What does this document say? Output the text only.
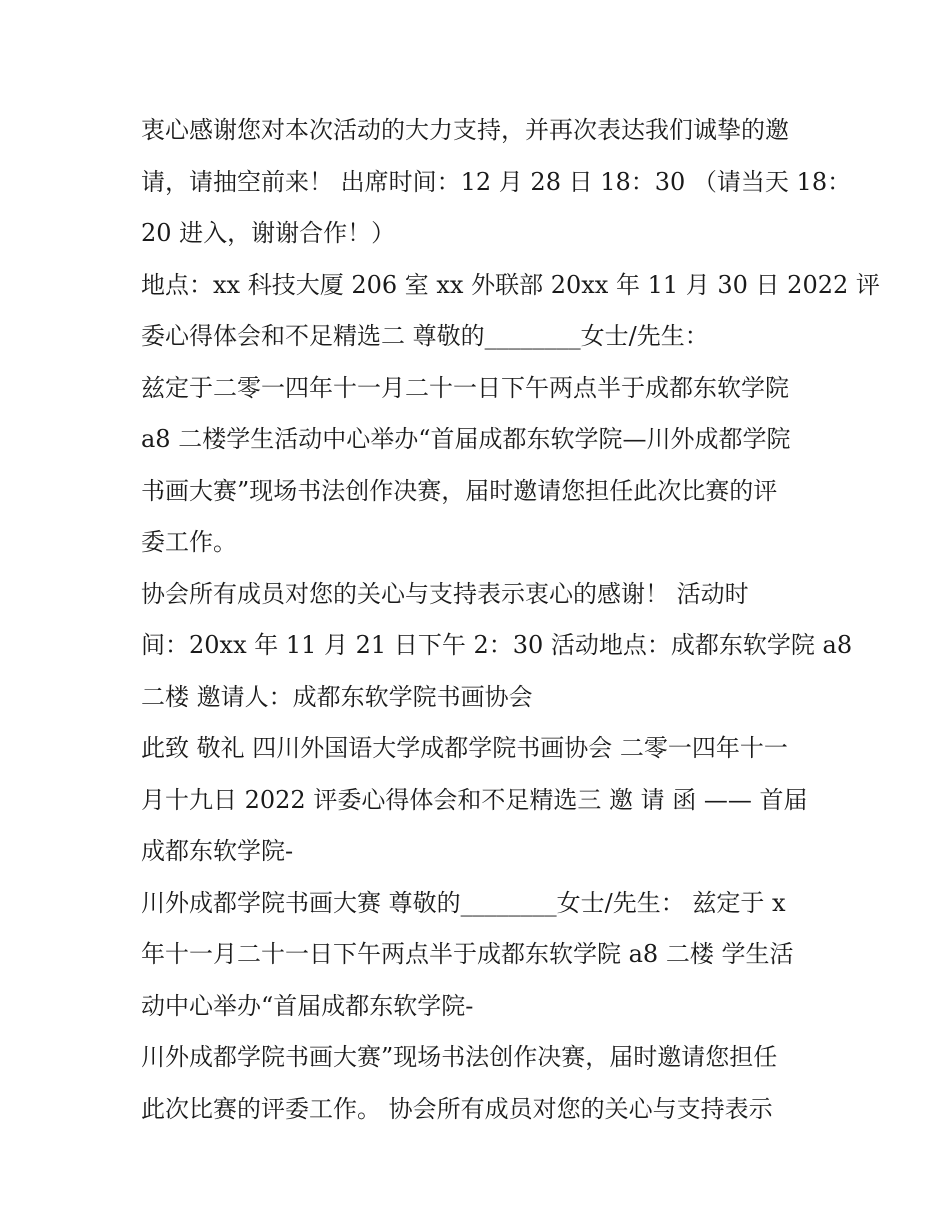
衷心感谢您对本次活动的大力支持，并再次表达我们诚挚的邀
请，请抽空前来！ 出席时间：12 月 28 日 18：30 （请当天 18：
20 进入，谢谢合作！）
地点：xx 科技大厦 206 室 xx 外联部 20xx 年 11 月 30 日 2022 评
委心得体会和不足精选二 尊敬的________女士/先生：
兹定于二零一四年十一月二十一日下午两点半于成都东软学院
a8 二楼学生活动中心举办“首届成都东软学院—川外成都学院
书画大赛”现场书法创作决赛，届时邀请您担任此次比赛的评
委工作。
协会所有成员对您的关心与支持表示衷心的感谢！ 活动时
间：20xx 年 11 月 21 日下午 2：30 活动地点：成都东软学院 a8
二楼 邀请人：成都东软学院书画协会
此致 敬礼 四川外国语大学成都学院书画协会 二零一四年十一
月十九日 2022 评委心得体会和不足精选三 邀 请 函 —— 首届
成都东软学院-
川外成都学院书画大赛 尊敬的________女士/先生： 兹定于 x
年十一月二十一日下午两点半于成都东软学院 a8 二楼 学生活
动中心举办“首届成都东软学院-
川外成都学院书画大赛”现场书法创作决赛，届时邀请您担任
此次比赛的评委工作。 协会所有成员对您的关心与支持表示
